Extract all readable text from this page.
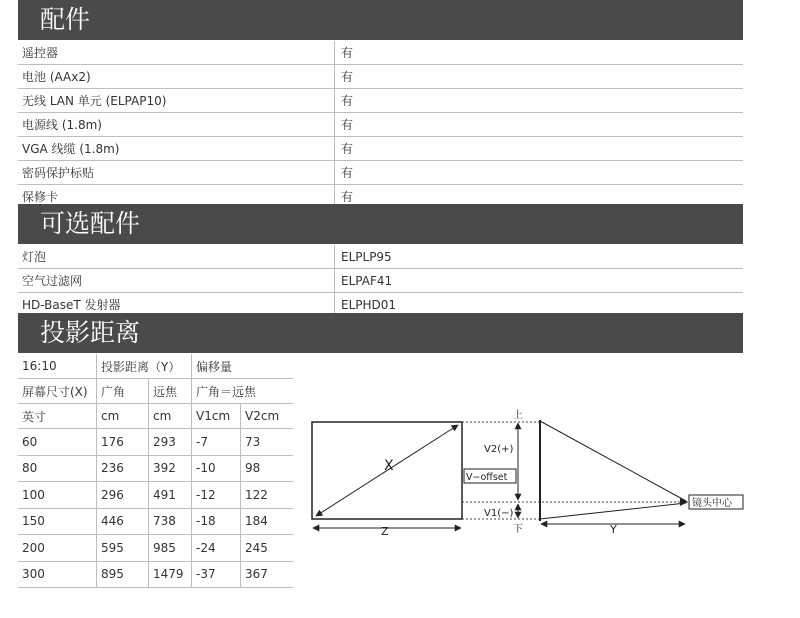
配件
遥控器	有
电池 (AAx2)	有
无线 LAN 单元 (ELPAP10)	有
电源线 (1.8m)	有
VGA 线缆 (1.8m)	有
密码保护标贴	有
保修卡	有
可选配件
灯泡	ELPLP95
空气过滤网	ELPAF41
HD-BaseT 发射器	ELPHD01
投影距离
16:10	投影距离（Y）		偏移量	
屏幕尺寸(X)	广角	远焦	广角＝远焦	
英寸	cm	cm	V1cm	V2cm
60	176	293	-7	73
80	236	392	-10	98
100	296	491	-12	122
150	446	738	-18	184
200	595	985	-24	245
300	895	1479	-37	367
X
Z
上
V2(+)
V−offset
V1(−)
下
镜头中心
Y
